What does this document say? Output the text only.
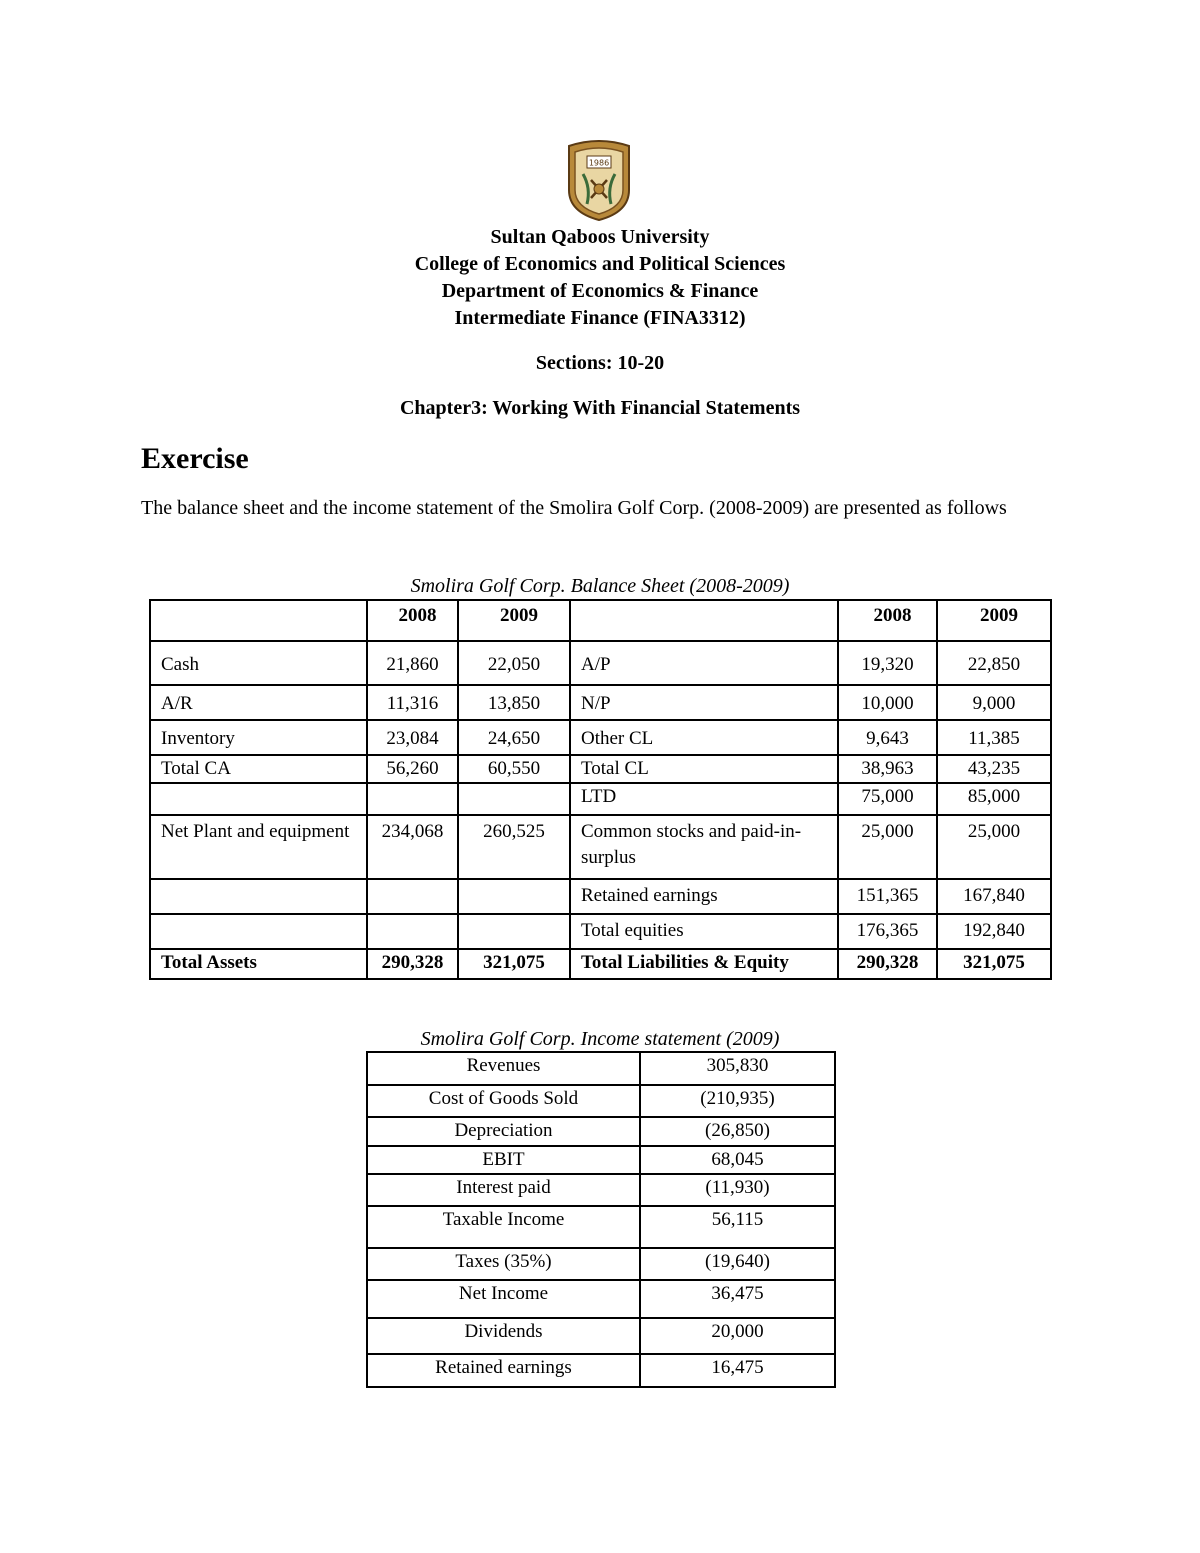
1986
Sultan Qaboos University
College of Economics and Political Sciences
Department of Economics & Finance
Intermediate Finance (FINA3312)
Sections: 10-20
Chapter3: Working With Financial Statements
Exercise
The balance sheet and the income statement of the Smolira Golf Corp. (2008-2009) are presented as follows
Smolira Golf Corp. Balance Sheet (2008-2009)
	2008	2009		2008	2009
Cash	21,860	22,050	A/P	19,320	22,850
A/R	11,316	13,850	N/P	10,000	9,000
Inventory	23,084	24,650	Other CL	9,643	11,385
Total CA	56,260	60,550	Total CL	38,963	43,235
			LTD	75,000	85,000
Net Plant and equipment	234,068	260,525	Common stocks and paid-in-surplus	25,000	25,000
			Retained earnings	151,365	167,840
			Total equities	176,365	192,840
Total Assets	290,328	321,075	Total Liabilities & Equity	290,328	321,075
Smolira Golf Corp. Income statement (2009)
Revenues	305,830
Cost of Goods Sold	(210,935)
Depreciation	(26,850)
EBIT	68,045
Interest paid	(11,930)
Taxable Income	56,115
Taxes (35%)	(19,640)
Net Income	36,475
Dividends	20,000
Retained earnings	16,475
